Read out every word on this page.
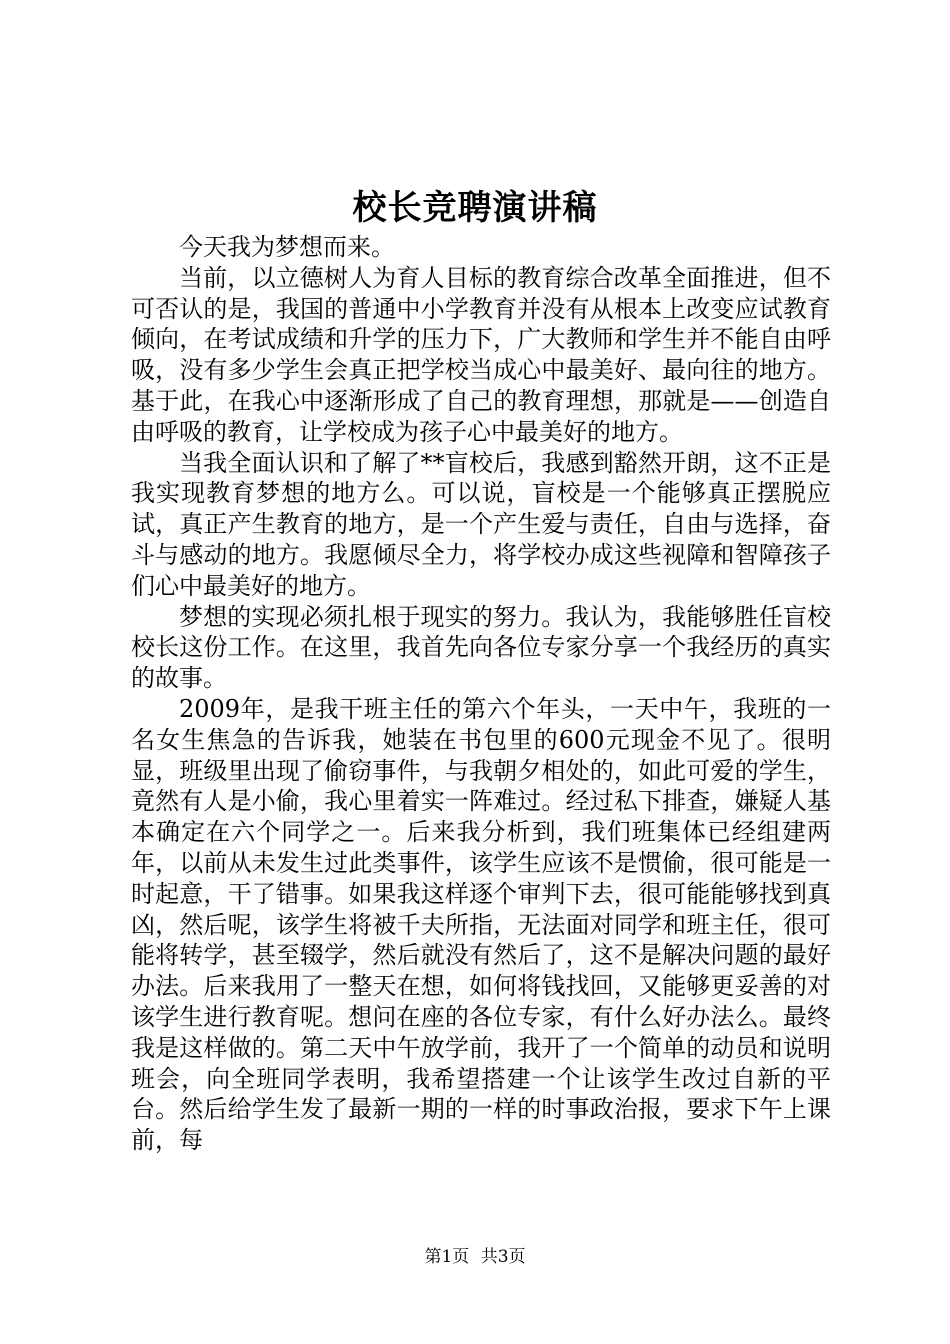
校长竞聘演讲稿

今天我为梦想而来。

当前，以立德树人为育人目标的教育综合改革全面推进，但不可否认的是，我国的普通中小学教育并没有从根本上改变应试教育倾向，在考试成绩和升学的压力下，广大教师和学生并不能自由呼吸，没有多少学生会真正把学校当成心中最美好、最向往的地方。基于此，在我心中逐渐形成了自己的教育理想，那就是——创造自由呼吸的教育，让学校成为孩子心中最美好的地方。

当我全面认识和了解了**盲校后，我感到豁然开朗，这不正是我实现教育梦想的地方么。可以说，盲校是一个能够真正摆脱应试，真正产生教育的地方，是一个产生爱与责任，自由与选择，奋斗与感动的地方。我愿倾尽全力，将学校办成这些视障和智障孩子们心中最美好的地方。

梦想的实现必须扎根于现实的努力。我认为，我能够胜任盲校校长这份工作。在这里，我首先向各位专家分享一个我经历的真实的故事。

2009年，是我干班主任的第六个年头，一天中午，我班的一名女生焦急的告诉我，她装在书包里的600元现金不见了。很明显，班级里出现了偷窃事件，与我朝夕相处的，如此可爱的学生，竟然有人是小偷，我心里着实一阵难过。经过私下排查，嫌疑人基本确定在六个同学之一。后来我分析到，我们班集体已经组建两年，以前从未发生过此类事件，该学生应该不是惯偷，很可能是一时起意，干了错事。如果我这样逐个审判下去，很可能能够找到真凶，然后呢，该学生将被千夫所指，无法面对同学和班主任，很可能将转学，甚至辍学，然后就没有然后了，这不是解决问题的最好办法。后来我用了一整天在想，如何将钱找回，又能够更妥善的对该学生进行教育呢。想问在座的各位专家，有什么好办法么。最终我是这样做的。第二天中午放学前，我开了一个简单的动员和说明班会，向全班同学表明，我希望搭建一个让该学生改过自新的平台。然后给学生发了最新一期的一样的时事政治报，要求下午上课前，每

第1页 共3页
